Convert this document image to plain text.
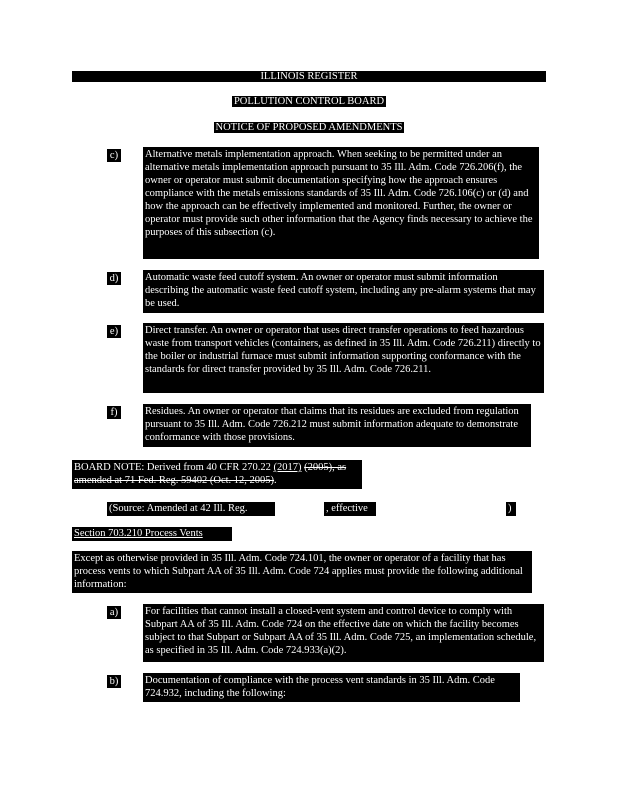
ILLINOIS REGISTER
POLLUTION CONTROL BOARD
NOTICE OF PROPOSED AMENDMENTS
c)	Alternative metals implementation approach. When seeking to be permitted under an alternative metals implementation approach pursuant to 35 Ill. Adm. Code 726.206(f), the owner or operator must submit documentation specifying how the approach ensures compliance with the metals emissions standards of 35 Ill. Adm. Code 726.106(c) or (d) and how the approach can be effectively implemented and monitored. Further, the owner or operator must provide such other information that the Agency finds necessary to achieve the purposes of this subsection (c).
d)	Automatic waste feed cutoff system. An owner or operator must submit information describing the automatic waste feed cutoff system, including any pre-alarm systems that may be used.
e)	Direct transfer. An owner or operator that uses direct transfer operations to feed hazardous waste from transport vehicles (containers, as defined in 35 Ill. Adm. Code 726.211) directly to the boiler or industrial furnace must submit information supporting conformance with the standards for direct transfer provided by 35 Ill. Adm. Code 726.211.
f)	Residues. An owner or operator that claims that its residues are excluded from regulation pursuant to 35 Ill. Adm. Code 726.212 must submit information adequate to demonstrate conformance with those provisions.
BOARD NOTE: Derived from 40 CFR 270.22 (2017) (2005), as amended at 71 Fed. Reg. 59402 (Oct. 12, 2005).
(Source: Amended at 42 Ill. Reg.	, effective	)
Section 703.210 Process Vents
Except as otherwise provided in 35 Ill. Adm. Code 724.101, the owner or operator of a facility that has process vents to which Subpart AA of 35 Ill. Adm. Code 724 applies must provide the following additional information:
a)	For facilities that cannot install a closed-vent system and control device to comply with Subpart AA of 35 Ill. Adm. Code 724 on the effective date on which the facility becomes subject to that Subpart or Subpart AA of 35 Ill. Adm. Code 725, an implementation schedule, as specified in 35 Ill. Adm. Code 724.933(a)(2).
b)	Documentation of compliance with the process vent standards in 35 Ill. Adm. Code 724.932, including the following:
